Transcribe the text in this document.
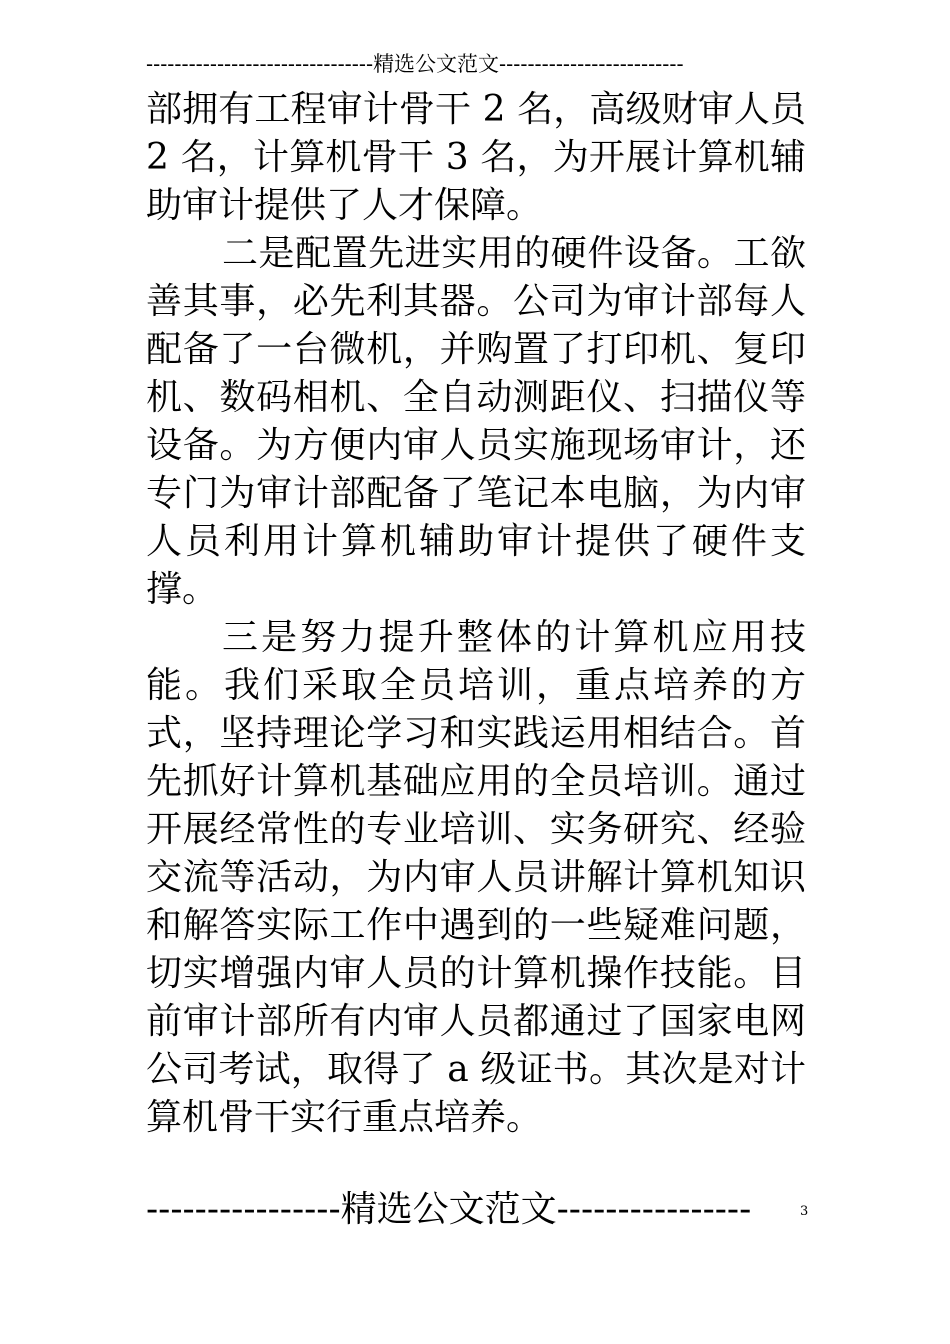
--------------------------------精选公文范文--------------------------

部拥有工程审计骨干 2 名，高级财审人员 2 名，计算机骨干 3 名，为开展计算机辅助审计提供了人才保障。

二是配置先进实用的硬件设备。工欲善其事，必先利其器。公司为审计部每人配备了一台微机，并购置了打印机、复印机、数码相机、全自动测距仪、扫描仪等设备。为方便内审人员实施现场审计，还专门为审计部配备了笔记本电脑，为内审人员利用计算机辅助审计提供了硬件支撑。

三是努力提升整体的计算机应用技能。我们采取全员培训，重点培养的方式，坚持理论学习和实践运用相结合。首先抓好计算机基础应用的全员培训。通过开展经常性的专业培训、实务研究、经验交流等活动，为内审人员讲解计算机知识和解答实际工作中遇到的一些疑难问题，切实增强内审人员的计算机操作技能。目前审计部所有内审人员都通过了国家电网公司考试，取得了 a 级证书。其次是对计算机骨干实行重点培养。

----------------精选公文范文----------------	3
